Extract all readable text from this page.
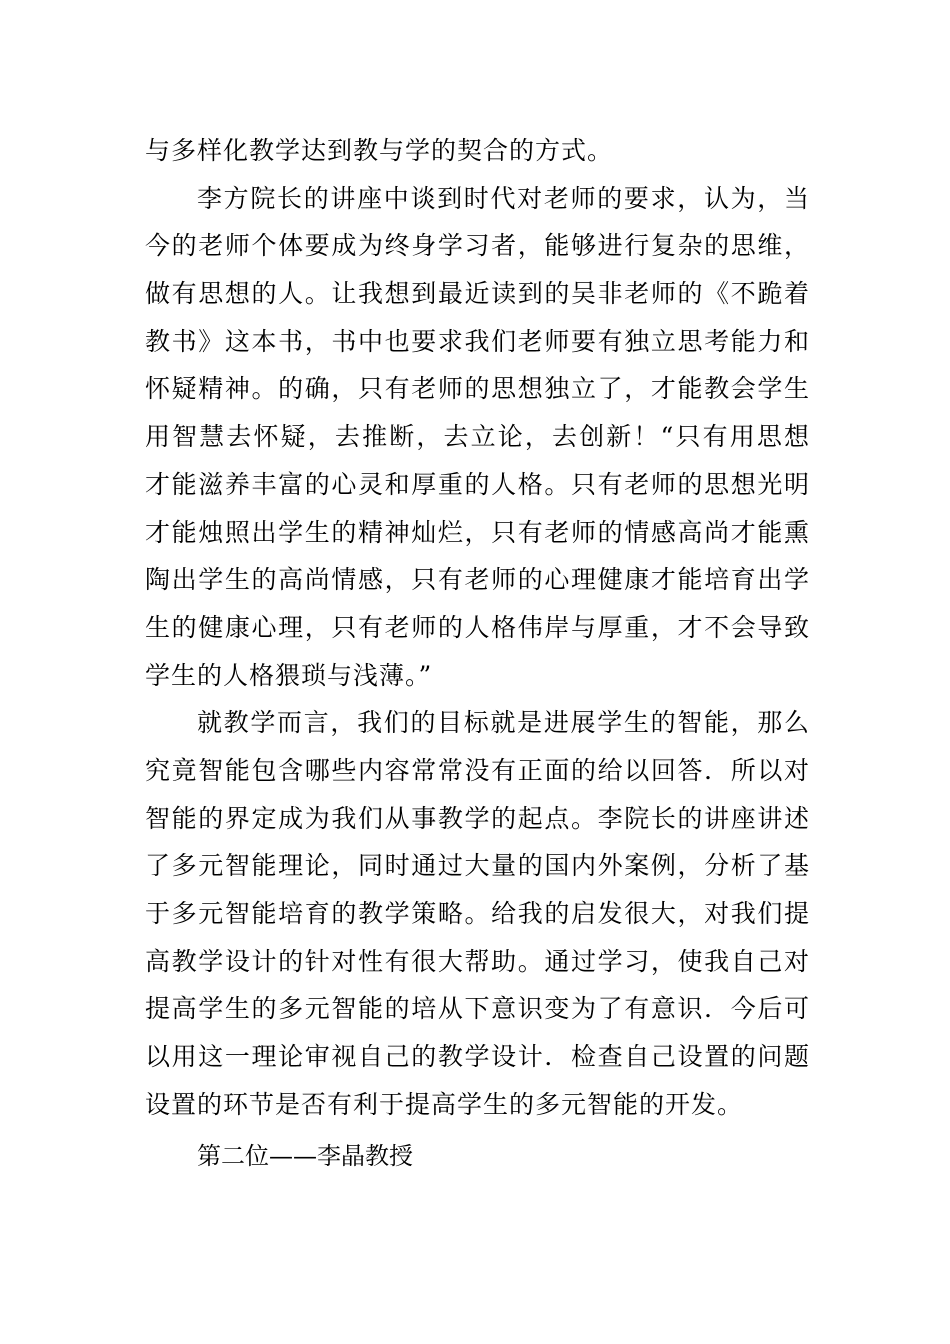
与多样化教学达到教与学的契合的方式。
李方院长的讲座中谈到时代对老师的要求，认为，当
今的老师个体要成为终身学习者，能够进行复杂的思维，
做有思想的人。让我想到最近读到的吴非老师的《不跪着
教书》这本书，书中也要求我们老师要有独立思考能力和
怀疑精神。的确，只有老师的思想独立了，才能教会学生
用智慧去怀疑，去推断，去立论，去创新！“只有用思想
才能滋养丰富的心灵和厚重的人格。只有老师的思想光明
才能烛照出学生的精神灿烂，只有老师的情感高尚才能熏
陶出学生的高尚情感，只有老师的心理健康才能培育出学
生的健康心理，只有老师的人格伟岸与厚重，才不会导致
学生的人格猥琐与浅薄。”
就教学而言，我们的目标就是进展学生的智能，那么
究竟智能包含哪些内容常常没有正面的给以回答．所以对
智能的界定成为我们从事教学的起点。李院长的讲座讲述
了多元智能理论，同时通过大量的国内外案例，分析了基
于多元智能培育的教学策略。给我的启发很大，对我们提
高教学设计的针对性有很大帮助。通过学习，使我自己对
提高学生的多元智能的培从下意识变为了有意识．今后可
以用这一理论审视自己的教学设计．检查自己设置的问题
设置的环节是否有利于提高学生的多元智能的开发。
第二位——李晶教授
